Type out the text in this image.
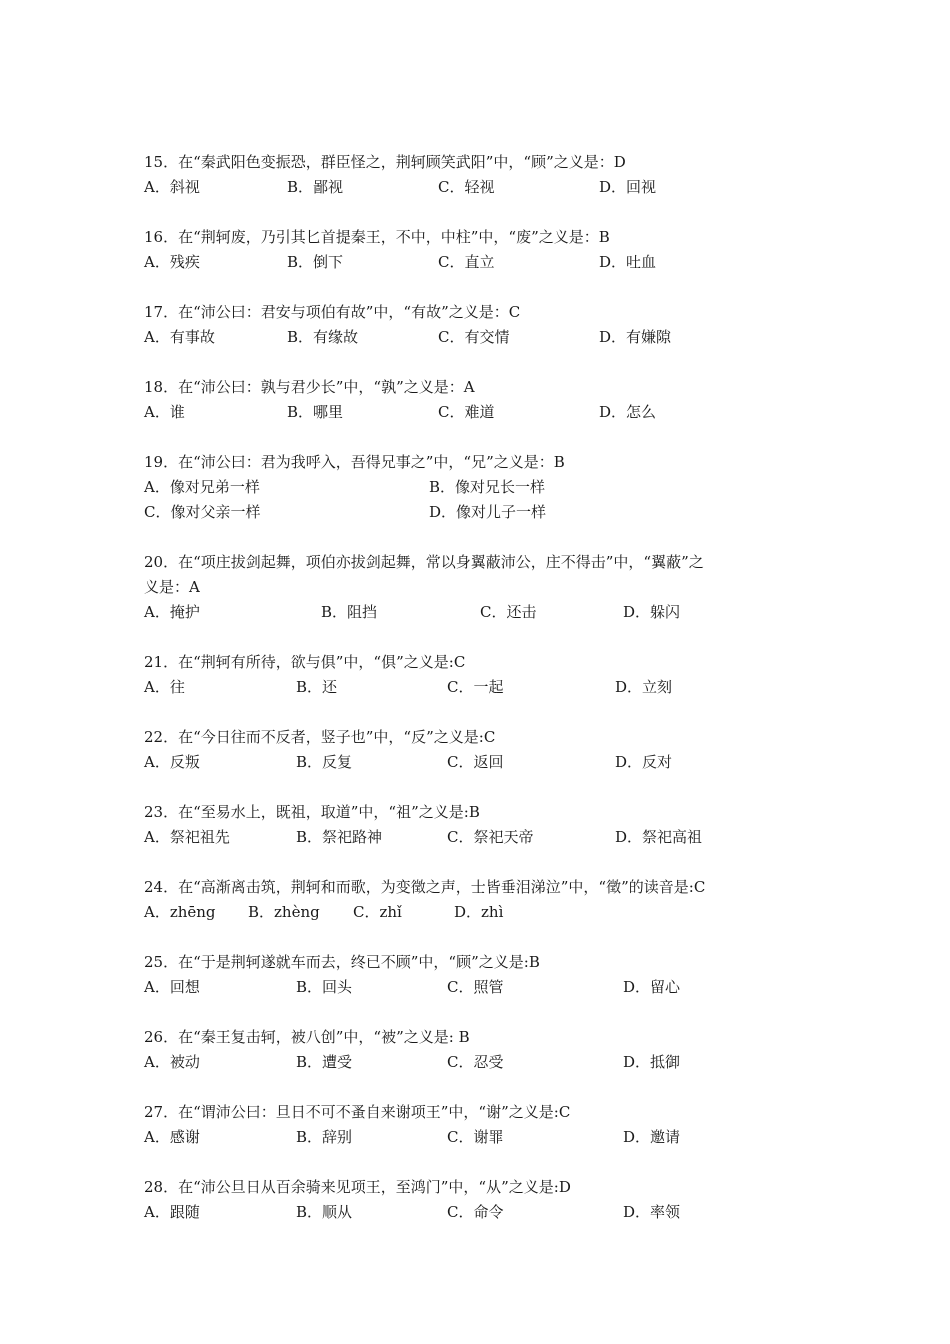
15．在“秦武阳色变振恐，群臣怪之，荆轲顾笑武阳”中，“顾”之义是：D
A．斜视	B．鄙视	C．轻视	D．回视
16．在“荆轲废，乃引其匕首提秦王，不中，中柱”中，“废”之义是：B
A．残疾	B．倒下	C．直立	D．吐血
17．在“沛公曰：君安与项伯有故”中，“有故”之义是：C
A．有事故	B．有缘故	C．有交情	D．有嫌隙
18．在“沛公曰：孰与君少长”中，“孰”之义是：A
A．谁	B．哪里	C．难道	D．怎么
19．在“沛公曰：君为我呼入，吾得兄事之”中，“兄”之义是：B
A．像对兄弟一样	B．像对兄长一样
C．像对父亲一样	D．像对儿子一样
20．在“项庄拔剑起舞，项伯亦拔剑起舞，常以身翼蔽沛公，庄不得击”中，“翼蔽”之
义是：A
A．掩护	B．阻挡	C．还击	D．躲闪
21．在“荆轲有所待，欲与俱”中，“俱”之义是:C
A．往	B．还	C．一起	D．立刻
22．在“今日往而不反者，竖子也”中，“反”之义是:C
A．反叛	B．反复	C．返回	D．反对
23．在“至易水上，既祖，取道”中，“祖”之义是:B
A．祭祀祖先	B．祭祀路神	C．祭祀天帝	D．祭祀高祖
24．在“高渐离击筑，荆轲和而歌，为变徵之声，士皆垂泪涕泣”中，“徵”的读音是:C
A．zhēng B．zhèng C．zhǐ	D．zhì
25．在“于是荆轲遂就车而去，终已不顾”中，“顾”之义是:B
A．回想	B．回头	C．照管	D．留心
26．在“秦王复击轲，被八创”中，“被”之义是: B
A．被动	B．遭受	C．忍受	D．抵御
27．在“谓沛公曰：旦日不可不蚤自来谢项王”中，“谢”之义是:C
A．感谢	B．辞别	C．谢罪	D．邀请
28．在“沛公旦日从百余骑来见项王，至鸿门”中，“从”之义是:D
A．跟随	B．顺从	C．命令	D．率领
